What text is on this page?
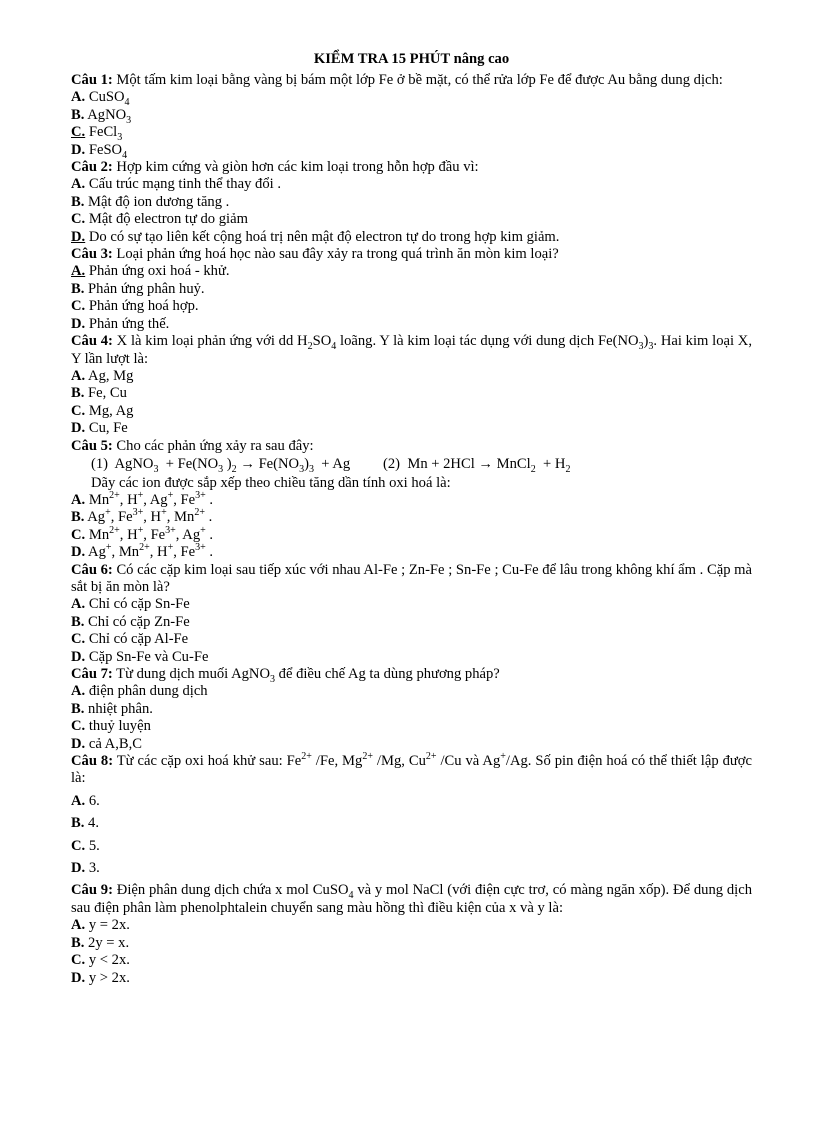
KIỂM TRA 15 PHÚT nâng cao
Câu 1: Một tấm kim loại bằng vàng bị bám một lớp Fe ở bề mặt, có thể rửa lớp Fe để được Au bằng dung dịch:
A. CuSO$_4$
B. AgNO$_3$
C. FeCl$_3$
D. FeSO$_4$
Câu 2: Hợp kim cứng và giòn hơn các kim loại trong hỗn hợp đầu vì:
A. Cấu trúc mạng tinh thể thay đổi .
B. Mật độ ion dương tăng .
C. Mật độ electron tự do giảm
D. Do có sự tạo liên kết cộng hoá trị nên mật độ electron tự do trong hợp kim giảm.
Câu 3: Loại phản ứng hoá học nào sau đây xảy ra trong quá trình ăn mòn kim loại?
A. Phản ứng oxi hoá - khử.
B. Phản ứng phân huỷ.
C. Phản ứng hoá hợp.
D. Phản ứng thế.
Câu 4: X là kim loại phản ứng với dd $H_2SO_4$ loãng. Y là kim loại tác dụng với dung dịch $Fe(NO_3)_3$. Hai kim loại X, Y lần lượt là:
A. Ag, Mg
B. Fe, Cu
C. Mg, Ag
D. Cu, Fe
Câu 5: Cho các phản ứng xảy ra sau đây:
(1)  AgNO$_3$  + $Fe(NO_3$ )$_2 \to Fe(NO_3)_3 + Ag$         (2)  Mn + 2HCl → MnCl$_2$  + $H_2$
Dãy các ion được sắp xếp theo chiều tăng dần tính oxi hoá là:
A. $Mn^{2+}$, H+, Ag+, $Fe^{3+}$ .
B. Ag+, $Fe^{3+}$, H+, $Mn^{2+}$ .
C. $Mn^{2+}$, H+, $Fe^{3+}$, Ag+ .
D. Ag+, $Mn^{2+}$, H+, $Fe^{3+}$ .
Câu 6: Có các cặp kim loại sau tiếp xúc với nhau Al-Fe ; Zn-Fe ; Sn-Fe ; Cu-Fe để lâu trong không khí ẩm . Cặp mà sắt bị ăn mòn là?
A. Chỉ có cặp Sn-Fe
B. Chỉ có cặp Zn-Fe
C. Chỉ có cặp Al-Fe
D. Cặp Sn-Fe và Cu-Fe
Câu 7: Từ dung dịch muối AgNO$_3$ để điều chế Ag ta dùng phương pháp?
A. điện phân dung dịch
B. nhiệt phân.
C. thuỷ luyện
D. cả A,B,C
Câu 8: Từ các cặp oxi hoá khử sau: $Fe^{2+}$ /Fe, $Mg^{2+}$ /Mg, $Cu^{2+}$ /Cu và Ag+/Ag. Số pin điện hoá có thể thiết lập được là:
A. 6.
B. 4.
C. 5.
D. 3.
Câu 9: Điện phân dung dịch chứa x mol CuSO$_4$ và y mol NaCl (với điện cực trơ, có màng ngăn xốp). Để dung dịch sau điện phân làm phenolphtalein chuyển sang màu hồng thì điều kiện của x và y là:
A. y = 2x.
B. 2y = x.
C. y < 2x.
D. y > 2x.
